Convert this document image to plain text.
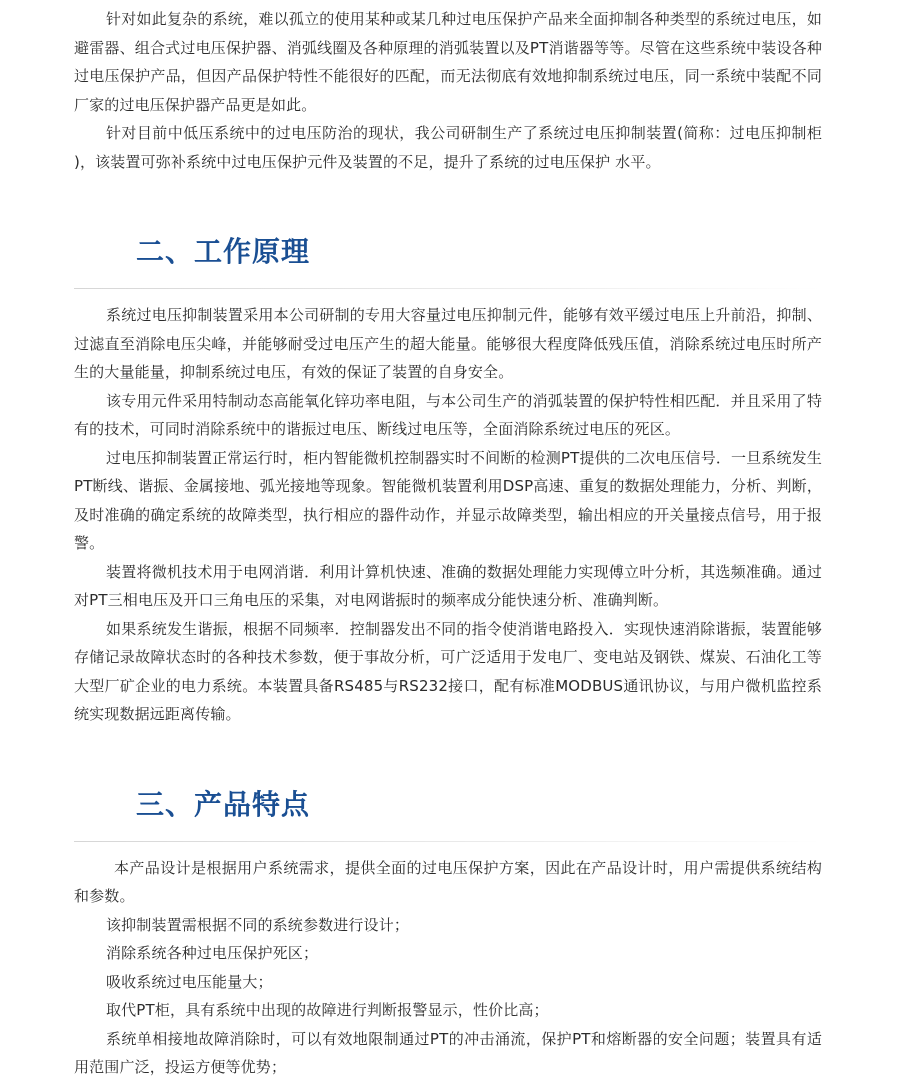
针对如此复杂的系统，难以孤立的使用某种或某几种过电压保护产品来全面抑制各种类型的系统过电压，如避雷器、组合式过电压保护器、消弧线圈及各种原理的消弧装置以及PT消谐器等等。尽管在这些系统中装设各种过电压保护产品，但因产品保护特性不能很好的匹配，而无法彻底有效地抑制系统过电压，同一系统中装配不同厂家的过电压保护器产品更是如此。

针对目前中低压系统中的过电压防治的现状，我公司研制生产了系统过电压抑制装置(简称：过电压抑制柜 )，该装置可弥补系统中过电压保护元件及装置的不足，提升了系统的过电压保护 水平。

二、工作原理

系统过电压抑制装置采用本公司研制的专用大容量过电压抑制元件，能够有效平缓过电压上升前沿，抑制、过滤直至消除电压尖峰，并能够耐受过电压产生的超大能量。能够很大程度降低残压值，消除系统过电压时所产生的大量能量，抑制系统过电压，有效的保证了装置的自身安全。

该专用元件采用特制动态高能氧化锌功率电阻，与本公司生产的消弧装置的保护特性相匹配．并且采用了特有的技术，可同时消除系统中的谐振过电压、断线过电压等，全面消除系统过电压的死区。

过电压抑制装置正常运行时，柜内智能微机控制器实时不间断的检测PT提供的二次电压信号．一旦系统发生PT断线、谐振、金属接地、弧光接地等现象。智能微机装置利用DSP高速、重复的数据处理能力，分析、判断，及时准确的确定系统的故障类型，执行相应的器件动作，并显示故障类型，输出相应的开关量接点信号，用于报警。

装置将微机技术用于电网消谐．利用计算机快速、准确的数据处理能力实现傅立叶分析，其选频准确。通过对PT三相电压及开口三角电压的采集，对电网谐振时的频率成分能快速分析、准确判断。

如果系统发生谐振，根据不同频率．控制器发出不同的指令使消谐电路投入．实现快速消除谐振，装置能够存储记录故障状态时的各种技术参数，便于事故分析，可广泛适用于发电厂、变电站及钢铁、煤炭、石油化工等大型厂矿企业的电力系统。本装置具备RS485与RS232接口，配有标准MODBUS通讯协议，与用户微机监控系统实现数据远距离传输。

三、产品特点

本产品设计是根据用户系统需求，提供全面的过电压保护方案，因此在产品设计时，用户需提供系统结构和参数。

该抑制装置需根据不同的系统参数进行设计；

消除系统各种过电压保护死区；

吸收系统过电压能量大；

取代PT柜，具有系统中出现的故障进行判断报警显示，性价比高；

系统单相接地故障消除时，可以有效地限制通过PT的冲击涌流，保护PT和熔断器的安全问题；装置具有适用范围广泛，投运方便等优势；
